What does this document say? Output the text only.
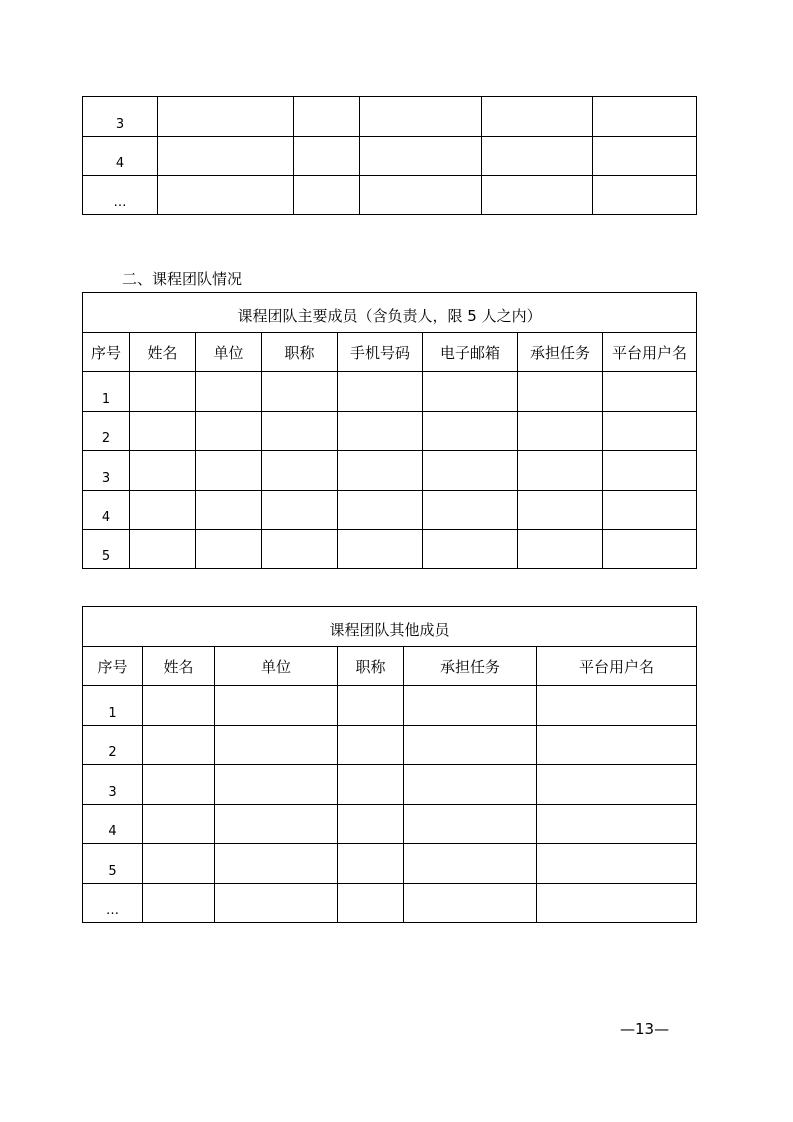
3					
4					
…					
二、课程团队情况
课程团队主要成员（含负责人，限 5 人之内）							
序号	姓名	单位	职称	手机号码	电子邮箱	承担任务	平台用户名
1							
2							
3							
4							
5							
课程团队其他成员					
序号	姓名	单位	职称	承担任务	平台用户名
1					
2					
3					
4					
5					
…					
—13—
